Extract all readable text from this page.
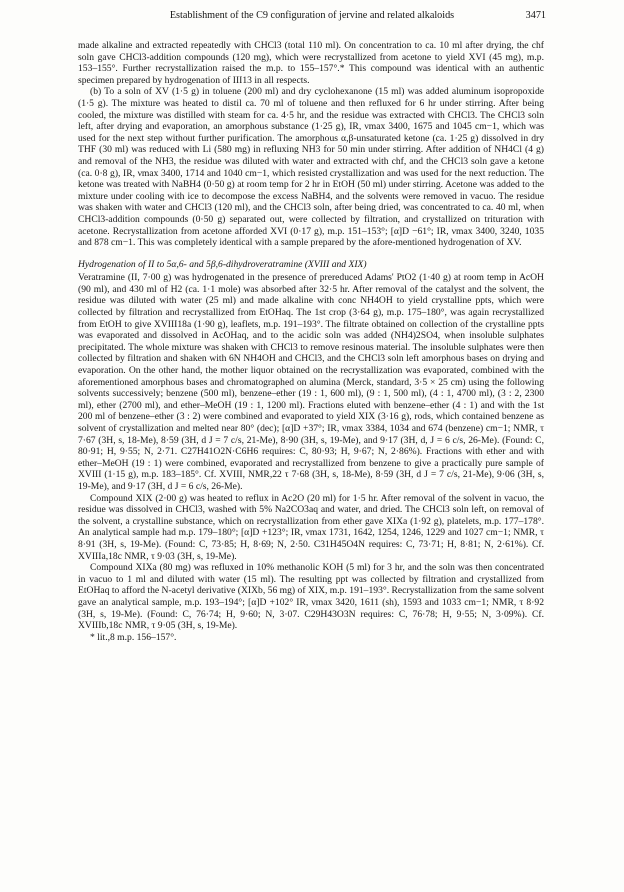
Establishment of the C9 configuration of jervine and related alkaloids	3471

made alkaline and extracted repeatedly with CHCl3 (total 110 ml). On concentration to ca. 10 ml after drying, the chf soln gave CHCl3-addition compounds (120 mg), which were recrystallized from acetone to yield XVI (45 mg), m.p. 153–155°. Further recrystallization raised the m.p. to 155–157°.* This compound was identical with an authentic specimen prepared by hydrogenation of III13 in all respects.

(b) To a soln of XV (1·5 g) in toluene (200 ml) and dry cyclohexanone (15 ml) was added aluminum isopropoxide (1·5 g). The mixture was heated to distil ca. 70 ml of toluene and then refluxed for 6 hr under stirring. After being cooled, the mixture was distilled with steam for ca. 4·5 hr, and the residue was extracted with CHCl3. The CHCl3 soln left, after drying and evaporation, an amorphous substance (1·25 g), IR, νmax 3400, 1675 and 1045 cm−1, which was used for the next step without further purification. The amorphous α,β-unsaturated ketone (ca. 1·25 g) dissolved in dry THF (30 ml) was reduced with Li (580 mg) in refluxing NH3 for 50 min under stirring. After addition of NH4Cl (4 g) and removal of the NH3, the residue was diluted with water and extracted with chf, and the CHCl3 soln gave a ketone (ca. 0·8 g), IR, νmax 3400, 1714 and 1040 cm−1, which resisted crystallization and was used for the next reduction. The ketone was treated with NaBH4 (0·50 g) at room temp for 2 hr in EtOH (50 ml) under stirring. Acetone was added to the mixture under cooling with ice to decompose the excess NaBH4, and the solvents were removed in vacuo. The residue was shaken with water and CHCl3 (120 ml), and the CHCl3 soln, after being dried, was concentrated to ca. 40 ml, when CHCl3-addition compounds (0·50 g) separated out, were collected by filtration, and crystallized on trituration with acetone. Recrystallization from acetone afforded XVI (0·17 g), m.p. 151–153°; [α]D −61°; IR, νmax 3400, 3240, 1035 and 878 cm−1. This was completely identical with a sample prepared by the afore-mentioned hydrogenation of XV.

Hydrogenation of II to 5α,6- and 5β,6-dihydroveratramine (XVIII and XIX)

Veratramine (II, 7·00 g) was hydrogenated in the presence of prereduced Adams' PtO2 (1·40 g) at room temp in AcOH (90 ml), and 430 ml of H2 (ca. 1·1 mole) was absorbed after 32·5 hr. After removal of the catalyst and the solvent, the residue was diluted with water (25 ml) and made alkaline with conc NH4OH to yield crystalline ppts, which were collected by filtration and recrystallized from EtOHaq. The 1st crop (3·64 g), m.p. 175–180°, was again recrystallized from EtOH to give XVIII18a (1·90 g), leaflets, m.p. 191–193°. The filtrate obtained on collection of the crystalline ppts was evaporated and dissolved in AcOHaq, and to the acidic soln was added (NH4)2SO4, when insoluble sulphates precipitated. The whole mixture was shaken with CHCl3 to remove resinous material. The insoluble sulphates were then collected by filtration and shaken with 6N NH4OH and CHCl3, and the CHCl3 soln left amorphous bases on drying and evaporation. On the other hand, the mother liquor obtained on the recrystallization was evaporated, combined with the aforementioned amorphous bases and chromatographed on alumina (Merck, standard, 3·5 × 25 cm) using the following solvents successively; benzene (500 ml), benzene–ether (19 : 1, 600 ml), (9 : 1, 500 ml), (4 : 1, 4700 ml), (3 : 2, 2300 ml), ether (2700 ml), and ether–MeOH (19 : 1, 1200 ml). Fractions eluted with benzene–ether (4 : 1) and with the 1st 200 ml of benzene–ether (3 : 2) were combined and evaporated to yield XIX (3·16 g), rods, which contained benzene as solvent of crystallization and melted near 80° (dec); [α]D +37°; IR, νmax 3384, 1034 and 674 (benzene) cm−1; NMR, τ 7·67 (3H, s, 18-Me), 8·59 (3H, d J = 7 c/s, 21-Me), 8·90 (3H, s, 19-Me), and 9·17 (3H, d, J = 6 c/s, 26-Me). (Found: C, 80·91; H, 9·55; N, 2·71. C27H41O2N·C6H6 requires: C, 80·93; H, 9·67; N, 2·86%). Fractions with ether and with ether–MeOH (19 : 1) were combined, evaporated and recrystallized from benzene to give a practically pure sample of XVIII (1·15 g), m.p. 183–185°. Cf. XVIII, NMR,22 τ 7·68 (3H, s, 18-Me), 8·59 (3H, d J = 7 c/s, 21-Me), 9·06 (3H, s, 19-Me), and 9·17 (3H, d J = 6 c/s, 26-Me).

Compound XIX (2·00 g) was heated to reflux in Ac2O (20 ml) for 1·5 hr. After removal of the solvent in vacuo, the residue was dissolved in CHCl3, washed with 5% Na2CO3aq and water, and dried. The CHCl3 soln left, on removal of the solvent, a crystalline substance, which on recrystallization from ether gave XIXa (1·92 g), platelets, m.p. 177–178°. An analytical sample had m.p. 179–180°; [α]D +123°; IR, νmax 1731, 1642, 1254, 1246, 1229 and 1027 cm−1; NMR, τ 8·91 (3H, s, 19-Me). (Found: C, 73·85; H, 8·69; N, 2·50. C31H45O4N requires: C, 73·71; H, 8·81; N, 2·61%). Cf. XVIIIa,18c NMR, τ 9·03 (3H, s, 19-Me).

Compound XIXa (80 mg) was refluxed in 10% methanolic KOH (5 ml) for 3 hr, and the soln was then concentrated in vacuo to 1 ml and diluted with water (15 ml). The resulting ppt was collected by filtration and crystallized from EtOHaq to afford the N-acetyl derivative (XIXb, 56 mg) of XIX, m.p. 191–193°. Recrystallization from the same solvent gave an analytical sample, m.p. 193–194°; [α]D +102° IR, νmax 3420, 1611 (sh), 1593 and 1033 cm−1; NMR, τ 8·92 (3H, s, 19-Me). (Found: C, 76·74; H, 9·60; N, 3·07. C29H43O3N requires: C, 76·78; H, 9·55; N, 3·09%). Cf. XVIIIb,18c NMR, τ 9·05 (3H, s, 19-Me).

* lit.,8 m.p. 156–157°.
